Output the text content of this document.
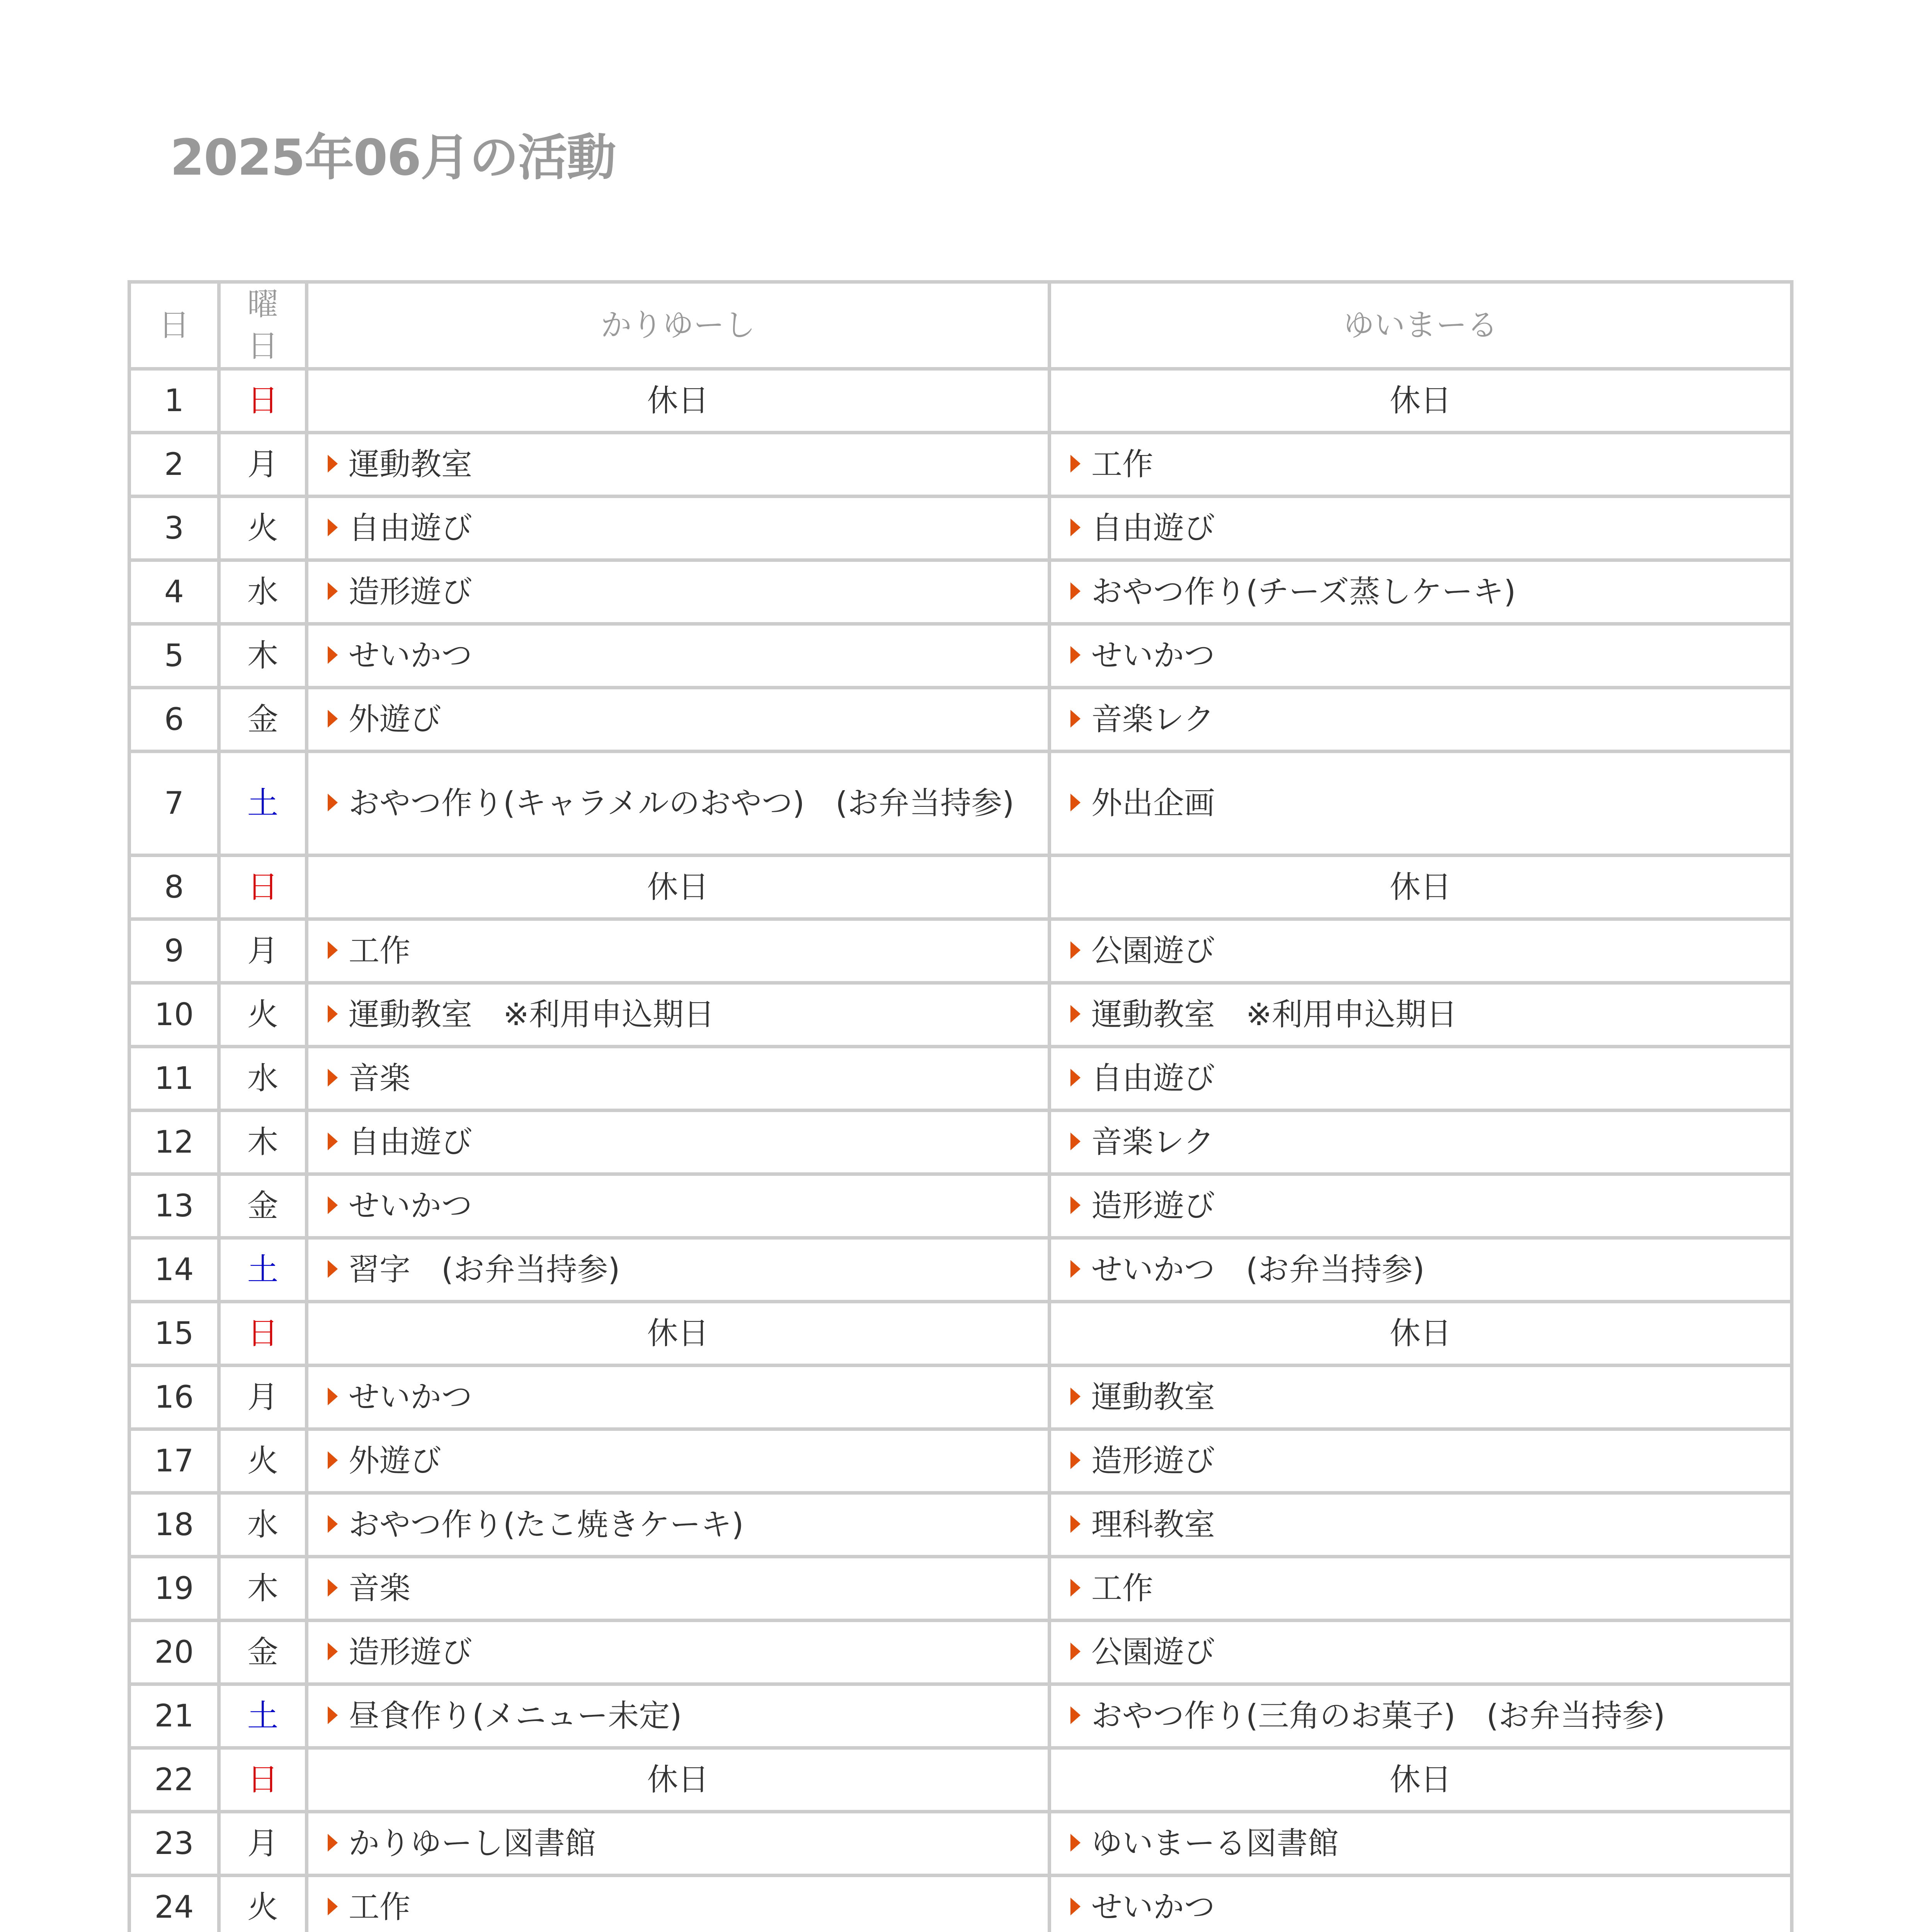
2025年06月の活動
日	曜日	かりゆーし	ゆいまーる
1	日	休日	休日
2	月	運動教室	工作

3	火	自由遊び	自由遊び

4	水	造形遊び	おやつ作り(チーズ蒸しケーキ)

5	木	せいかつ	せいかつ

6	金	外遊び	音楽レク

7	土	おやつ作り(キャラメルのおやつ)　(お弁当持参)	外出企画

8	日	休日	休日
9	月	工作	公園遊び

10	火	運動教室　※利用申込期日	運動教室　※利用申込期日

11	水	音楽	自由遊び

12	木	自由遊び	音楽レク

13	金	せいかつ	造形遊び

14	土	習字　(お弁当持参)	せいかつ　(お弁当持参)

15	日	休日	休日
16	月	せいかつ	運動教室

17	火	外遊び	造形遊び

18	水	おやつ作り(たこ焼きケーキ)	理科教室

19	木	音楽	工作

20	金	造形遊び	公園遊び

21	土	昼食作り(メニュー未定)	おやつ作り(三角のお菓子)　(お弁当持参)

22	日	休日	休日
23	月	かりゆーし図書館	ゆいまーる図書館

24	火	工作	せいかつ
